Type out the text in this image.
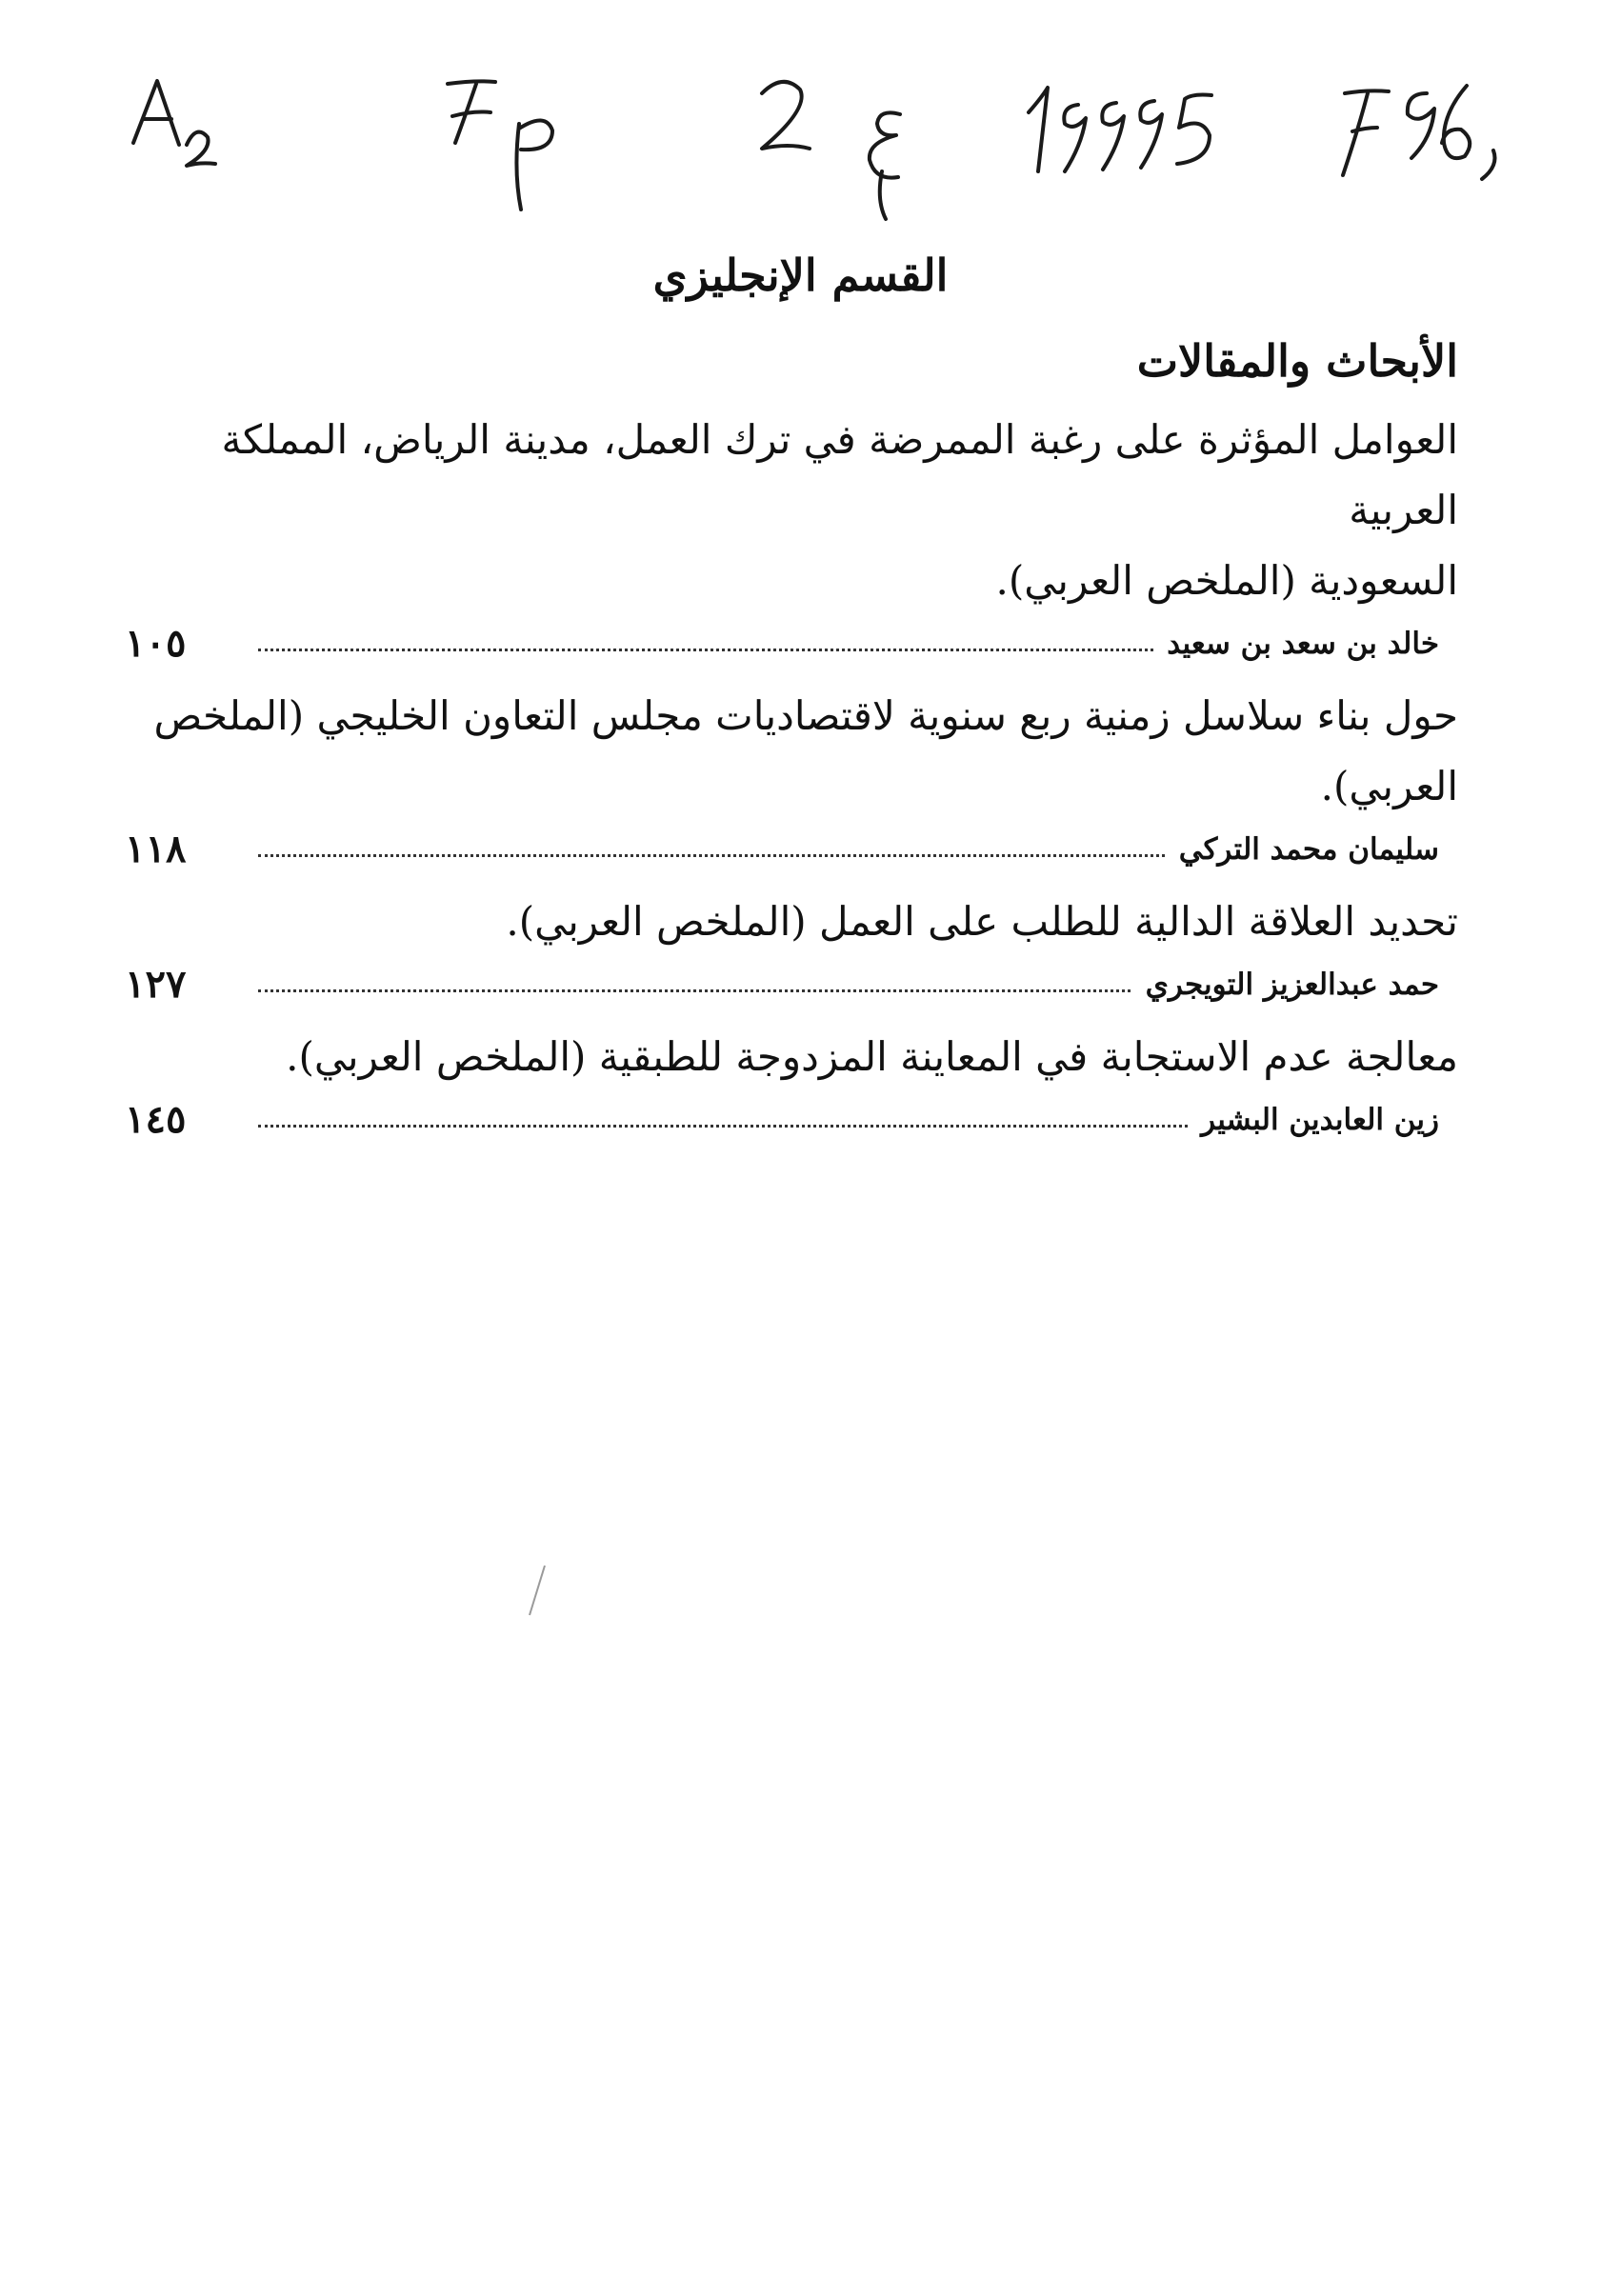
القسم الإنجليزي
الأبحاث والمقالات

العوامل المؤثرة على رغبة الممرضة في ترك العمل، مدينة الرياض، المملكة العربية

السعودية (الملخص العربي).

خالد بن سعد بن سعيد
١٠٥

حول بناء سلاسل زمنية ربع سنوية لاقتصاديات مجلس التعاون الخليجي (الملخص

العربي).

سليمان محمد التركي
١١٨

تحديد العلاقة الدالية للطلب على العمل (الملخص العربي).

حمد عبدالعزيز التويجري
١٢٧

معالجة عدم الاستجابة في المعاينة المزدوجة للطبقية (الملخص العربي).

زين العابدين البشير
١٤٥
